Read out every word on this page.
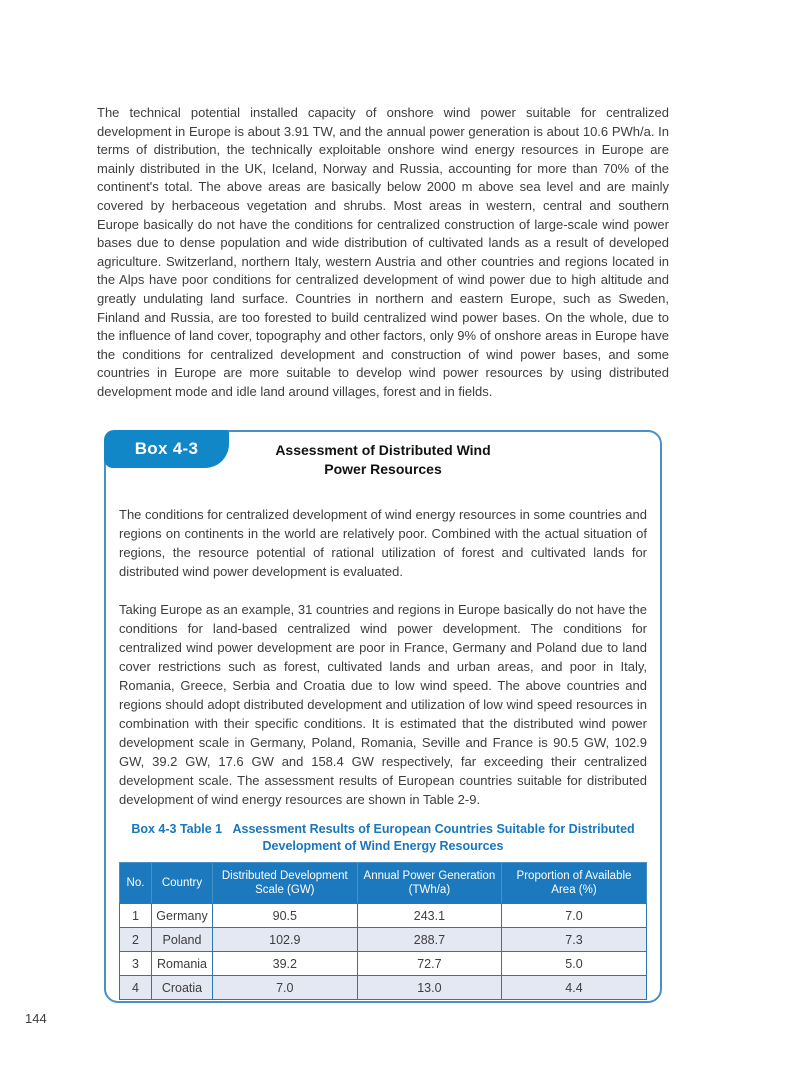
The technical potential installed capacity of onshore wind power suitable for centralized development in Europe is about 3.91 TW, and the annual power generation is about 10.6 PWh/a. In terms of distribution, the technically exploitable onshore wind energy resources in Europe are mainly distributed in the UK, Iceland, Norway and Russia, accounting for more than 70% of the continent's total. The above areas are basically below 2000 m above sea level and are mainly covered by herbaceous vegetation and shrubs. Most areas in western, central and southern Europe basically do not have the conditions for centralized construction of large-scale wind power bases due to dense population and wide distribution of cultivated lands as a result of developed agriculture. Switzerland, northern Italy, western Austria and other countries and regions located in the Alps have poor conditions for centralized development of wind power due to high altitude and greatly undulating land surface. Countries in northern and eastern Europe, such as Sweden, Finland and Russia, are too forested to build centralized wind power bases. On the whole, due to the influence of land cover, topography and other factors, only 9% of onshore areas in Europe have the conditions for centralized development and construction of wind power bases, and some countries in Europe are more suitable to develop wind power resources by using distributed development mode and idle land around villages, forest and in fields.

Box 4-3	Assessment of Distributed Wind
Power Resources

The conditions for centralized development of wind energy resources in some countries and regions on continents in the world are relatively poor. Combined with the actual situation of regions, the resource potential of rational utilization of forest and cultivated lands for distributed wind power development is evaluated.

Taking Europe as an example, 31 countries and regions in Europe basically do not have the conditions for land-based centralized wind power development. The conditions for centralized wind power development are poor in France, Germany and Poland due to land cover restrictions such as forest, cultivated lands and urban areas, and poor in Italy, Romania, Greece, Serbia and Croatia due to low wind speed. The above countries and regions should adopt distributed development and utilization of low wind speed resources in combination with their specific conditions. It is estimated that the distributed wind power development scale in Germany, Poland, Romania, Seville and France is 90.5 GW, 102.9 GW, 39.2 GW, 17.6 GW and 158.4 GW respectively, far exceeding their centralized development scale. The assessment results of European countries suitable for distributed development of wind energy resources are shown in Table 2-9.

Box 4-3 Table 1   Assessment Results of European Countries Suitable for Distributed
Development of Wind Energy Resources
No.	Country	Distributed Development Scale (GW)	Annual Power Generation (TWh/a)	Proportion of Available Area (%)
1	Germany	90.5	243.1	7.0
2	Poland	102.9	288.7	7.3
3	Romania	39.2	72.7	5.0
4	Croatia	7.0	13.0	4.4
144
